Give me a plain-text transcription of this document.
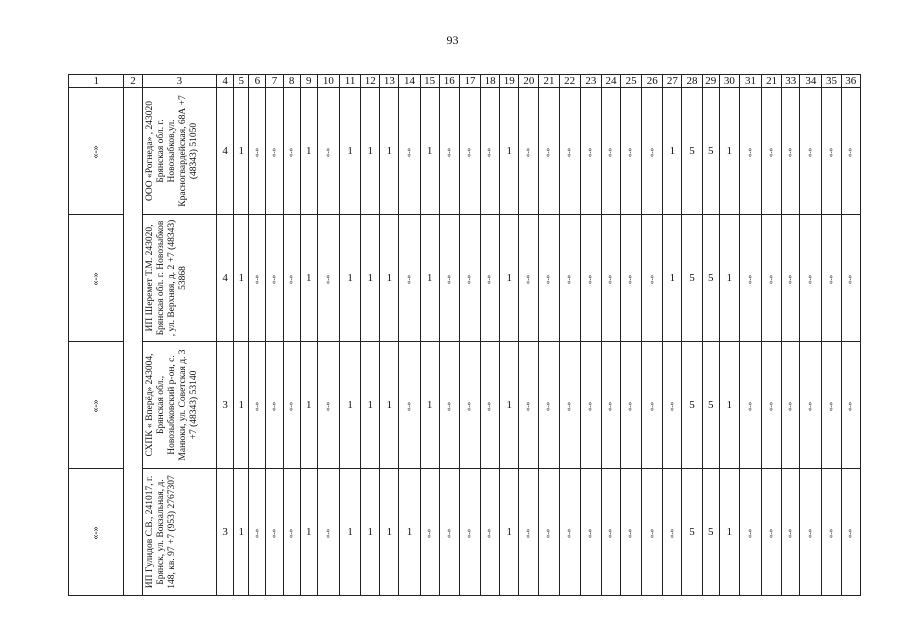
93
1	2	3	4	5	6	7	8	9	10	11	12	13	14	15	16	17	18	19	20	21	22	23	24	25	26	27	28	29	30	31	21	33	34	35	36
«-»		ООО «Рогнеда» , 243020 Брянская обл. г. Новозыбков,ул. Красногвардейская, 68А +7 (48343) 51050	4	1	«-»	«-»	«-»	1	«-»	1	1	1	«-»	1	«-»	«-»	«-»	1	«-»	«-»	«-»	«-»	«-»	«-»	«-»	1	5	5	1	«-»	«-»	«-»	«-»	«-»	«-»
«-»		ИП Шеремет Т.М. 243020, Брянская обл. г. Новозыбков , ул. Верхняя, д. 2 +7 (48343) 53868	4	1	«-»	«-»	«-»	1	«-»	1	1	1	«-»	1	«-»	«-»	«-»	1	«-»	«-»	«-»	«-»	«-»	«-»	«-»	1	5	5	1	«-»	«-»	«-»	«-»	«-»	«-»
«-»		СХПК « Вперёд» 243004, Брянская обл., Новозыбковский р-он, с. Манюки, ул. Советская д. 3 +7 (48343) 53140	3	1	«-»	«-»	«-»	1	«-»	1	1	1	«-»	1	«-»	«-»	«-»	1	«-»	«-»	«-»	«-»	«-»	«-»	«-»	«-»	5	5	1	«-»	«-»	«-»	«-»	«-»	«-»
«-»		ИП Гулидов С.В., 241017, г. Брянск, ул. Вокзальная, д. 148, кв. 97 +7 (953) 2767307	3	1	«-»	«-»	«-»	1	«-»	1	1	1	1	«-»	«-»	«-»	«-»	1	«-»	«-»	«-»	«-»	«-»	«-»	«-»	«-»	5	5	1	«-»	«-»	«-»	«-»	«-»	«-»
